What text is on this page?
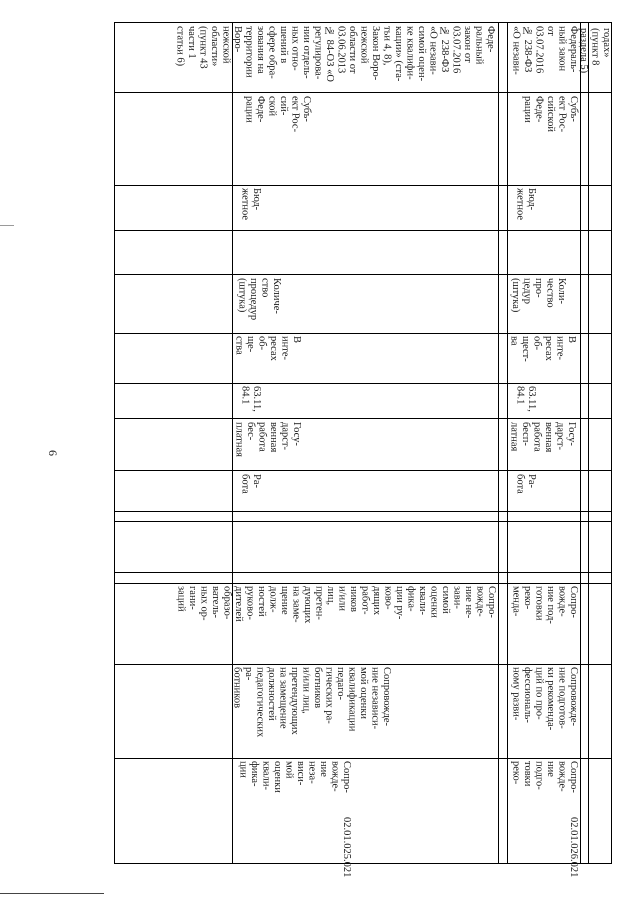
6
годах»
(пункт 8
раздела 5)
Феде-
ральный
закон от
03.07.2016
№ 238-ФЗ
«О незави-
симой оцен-
ке квалифи-
кации» (ста-
тьи 4, 8),
Закон Воро-
нежской
области от
03.06.2013
№ 84-ОЗ «О
регулирова-
нии отдель-
ных отно-
шений в
сфере обра-
зования на
территории
Воро-
нежской
области»
(пункт 43
части 1
статьи 6)
Субъ-
ект Рос-
сий-
ской
Феде-
рации
Бюд-
жетное
Количе-
ство
процедур
(штука)
В
инте-
ресах
об-
ще-
ства
63.11,
84.1
Госу-
дарст-
венная
работа
бес-
платная
Ра-
бота
Сопро-
вожде-
ние не-
зави-
симой
оценки
квали-
фика-
ции ру-
ково-
дящих
работ-
ников
и/или
лиц,
претен-
дующих
на заме-
щение
долж-
ностей
руково-
дителей
образо-
ватель-
ных ор-
гани-
заций
Сопровожде-
ние независи-
мой оценки
квалификации
педаго-
гических ра-
ботников
и/или лиц,
претендующих
на замещение
должностей
педагогических
ра-
ботников
Сопро-
вожде-
ние
неза-
виси-
мой
оценки
квали-
фика-
ции
02.01.025.021
Федераль-
ный закон
от
03.07.2016
№ 238-ФЗ
«О незави-
Субъ-
ект Рос-
сийской
Феде-
рации
Бюд-
жетное
Коли-
чество
про-
цедур
(штука)
В
инте-
ресах
об-
щест-
ва
63.11,
84.1
Госу-
дарст-
венная
работа
бесп-
латная
Ра-
бота
Сопро-
вожде-
ние под-
готовки
реко-
менда-
Сопровожде-
ние подготов-
ки рекоменда-
ций по про-
фессиональ-
ному разви-
Сопро-
вожде-
ние
подго-
товки
реко-
02.01.026.021
